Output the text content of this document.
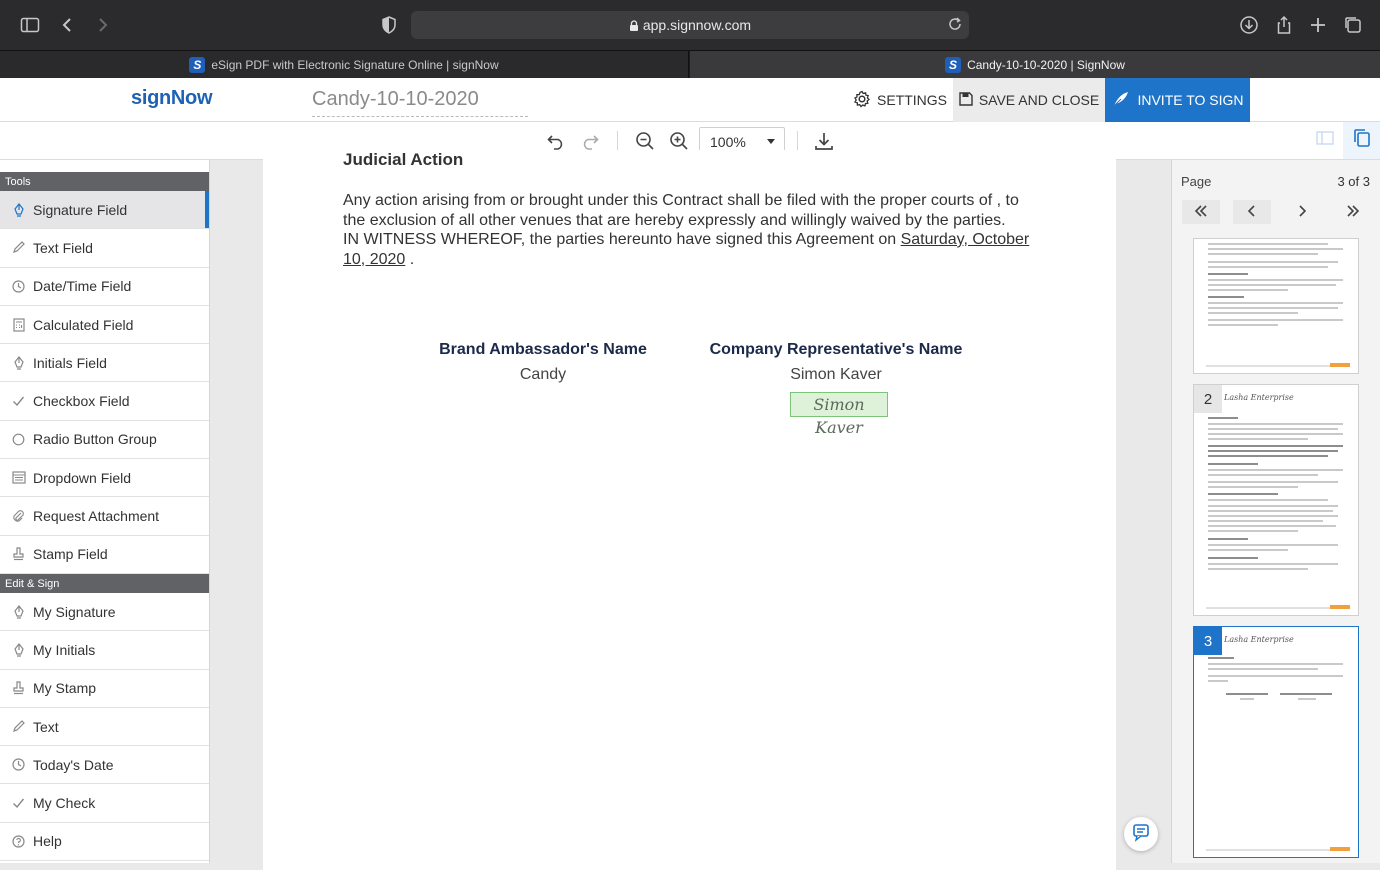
app.signnow.com
S eSign PDF with Electronic Signature Online | signNow	S Candy-10-10-2020 | SignNow
signNow	Candy-10-10-2020	SETTINGS SAVE AND CLOSE	INVITE TO SIGN
100%
Tools
Signature Field
Text Field
Date/Time Field
Calculated Field
Initials Field
Checkbox Field
Radio Button Group
Dropdown Field
Request Attachment
Stamp Field
Edit & Sign
My Signature
My Initials
My Stamp
Text
Today's Date
My Check
Help
Judicial Action
Any action arising from or brought under this Contract shall be filed with the proper courts of , to the exclusion of all other venues that are hereby expressly and willingly waived by the parties.
IN WITNESS WHEREOF, the parties hereunto have signed this Agreement on Saturday, October 10, 2020 .
Brand Ambassador's Name
Candy
Company Representative's Name
Simon Kaver
Simon Kaver
Page	3 of 3
2	Lasha Enterprise
3	Lasha Enterprise
